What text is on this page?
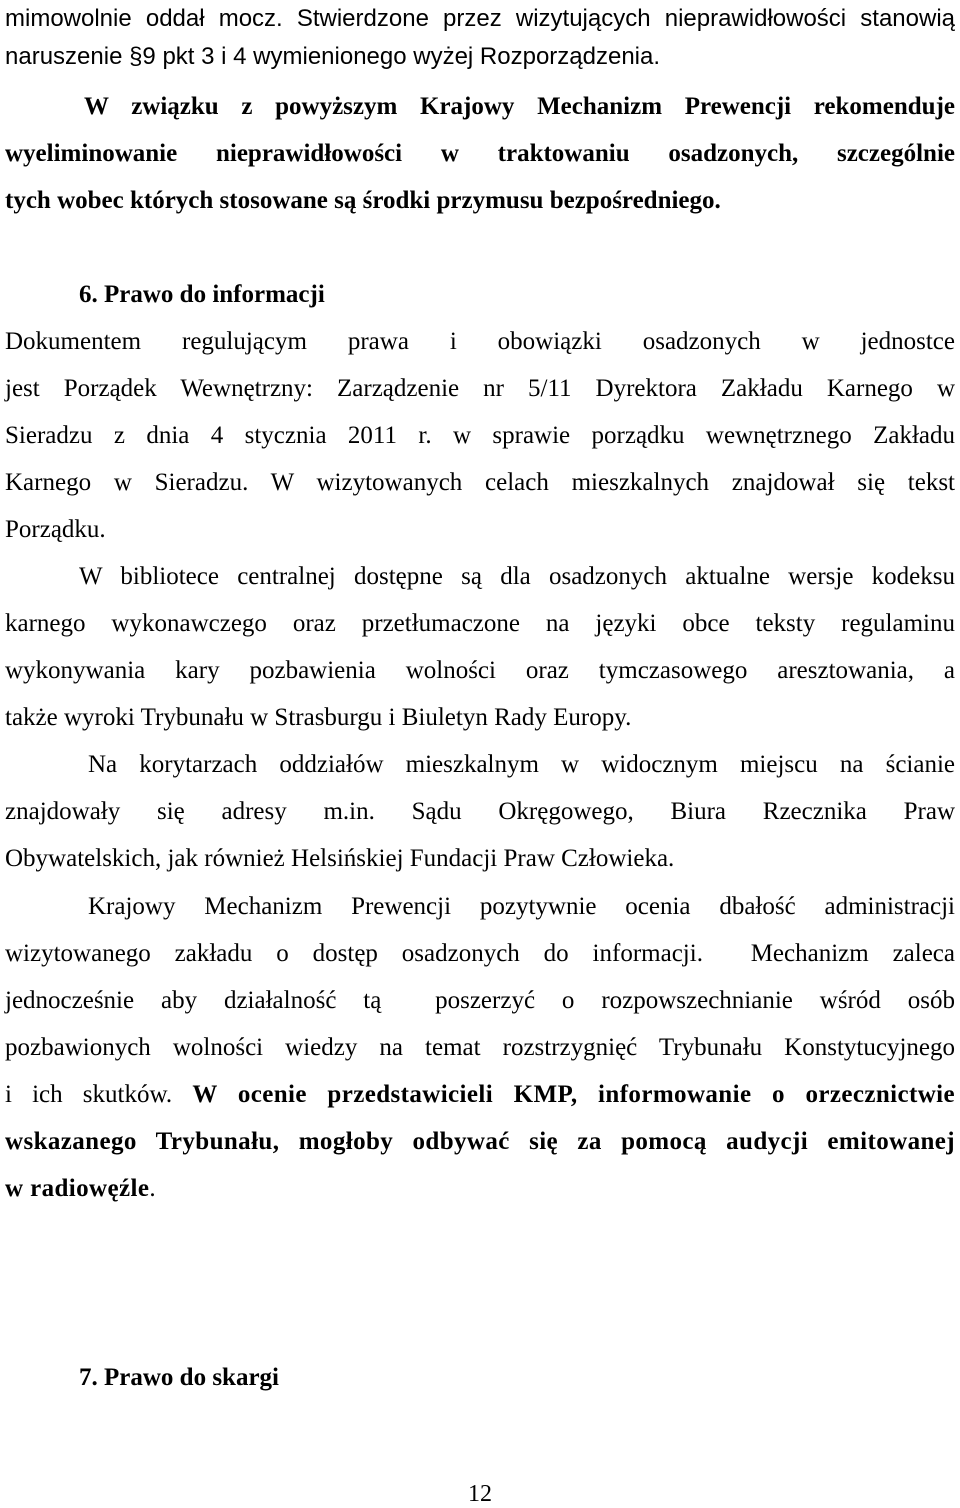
mimowolnie oddał mocz. Stwierdzone przez wizytujących nieprawidłowości stanowią

naruszenie §9 pkt 3 i 4 wymienionego wyżej Rozporządzenia.

W związku z powyższym Krajowy Mechanizm Prewencji rekomenduje

wyeliminowanie nieprawidłowości w traktowaniu osadzonych, szczególnie

tych wobec których stosowane są środki przymusu bezpośredniego.

6. Prawo do informacji

Dokumentem regulującym prawa i obowiązki osadzonych w jednostce

jest Porządek Wewnętrzny: Zarządzenie nr 5/11 Dyrektora Zakładu Karnego w

Sieradzu z dnia 4 stycznia 2011 r. w sprawie porządku wewnętrznego Zakładu

Karnego w Sieradzu. W wizytowanych celach mieszkalnych znajdował się tekst

Porządku.

W bibliotece centralnej dostępne są dla osadzonych aktualne wersje kodeksu

karnego wykonawczego oraz przetłumaczone na języki obce teksty regulaminu

wykonywania kary pozbawienia wolności oraz tymczasowego aresztowania, a

także wyroki Trybunału w Strasburgu i Biuletyn Rady Europy.

Na korytarzach oddziałów mieszkalnym w widocznym miejscu na ścianie

znajdowały się adresy m.in. Sądu Okręgowego, Biura Rzecznika Praw

Obywatelskich, jak również Helsińskiej Fundacji Praw Człowieka.

Krajowy Mechanizm Prewencji pozytywnie ocenia dbałość administracji

wizytowanego zakładu o dostęp osadzonych do informacji.  Mechanizm zaleca

jednocześnie aby działalność tą  poszerzyć o rozpowszechnianie wśród osób

pozbawionych wolności wiedzy na temat rozstrzygnięć Trybunału Konstytucyjnego

i ich skutków. W ocenie przedstawicieli KMP, informowanie o orzecznictwie

wskazanego Trybunału, mogłoby odbywać się za pomocą audycji emitowanej

w radiowęźle.

7. Prawo do skargi

12
